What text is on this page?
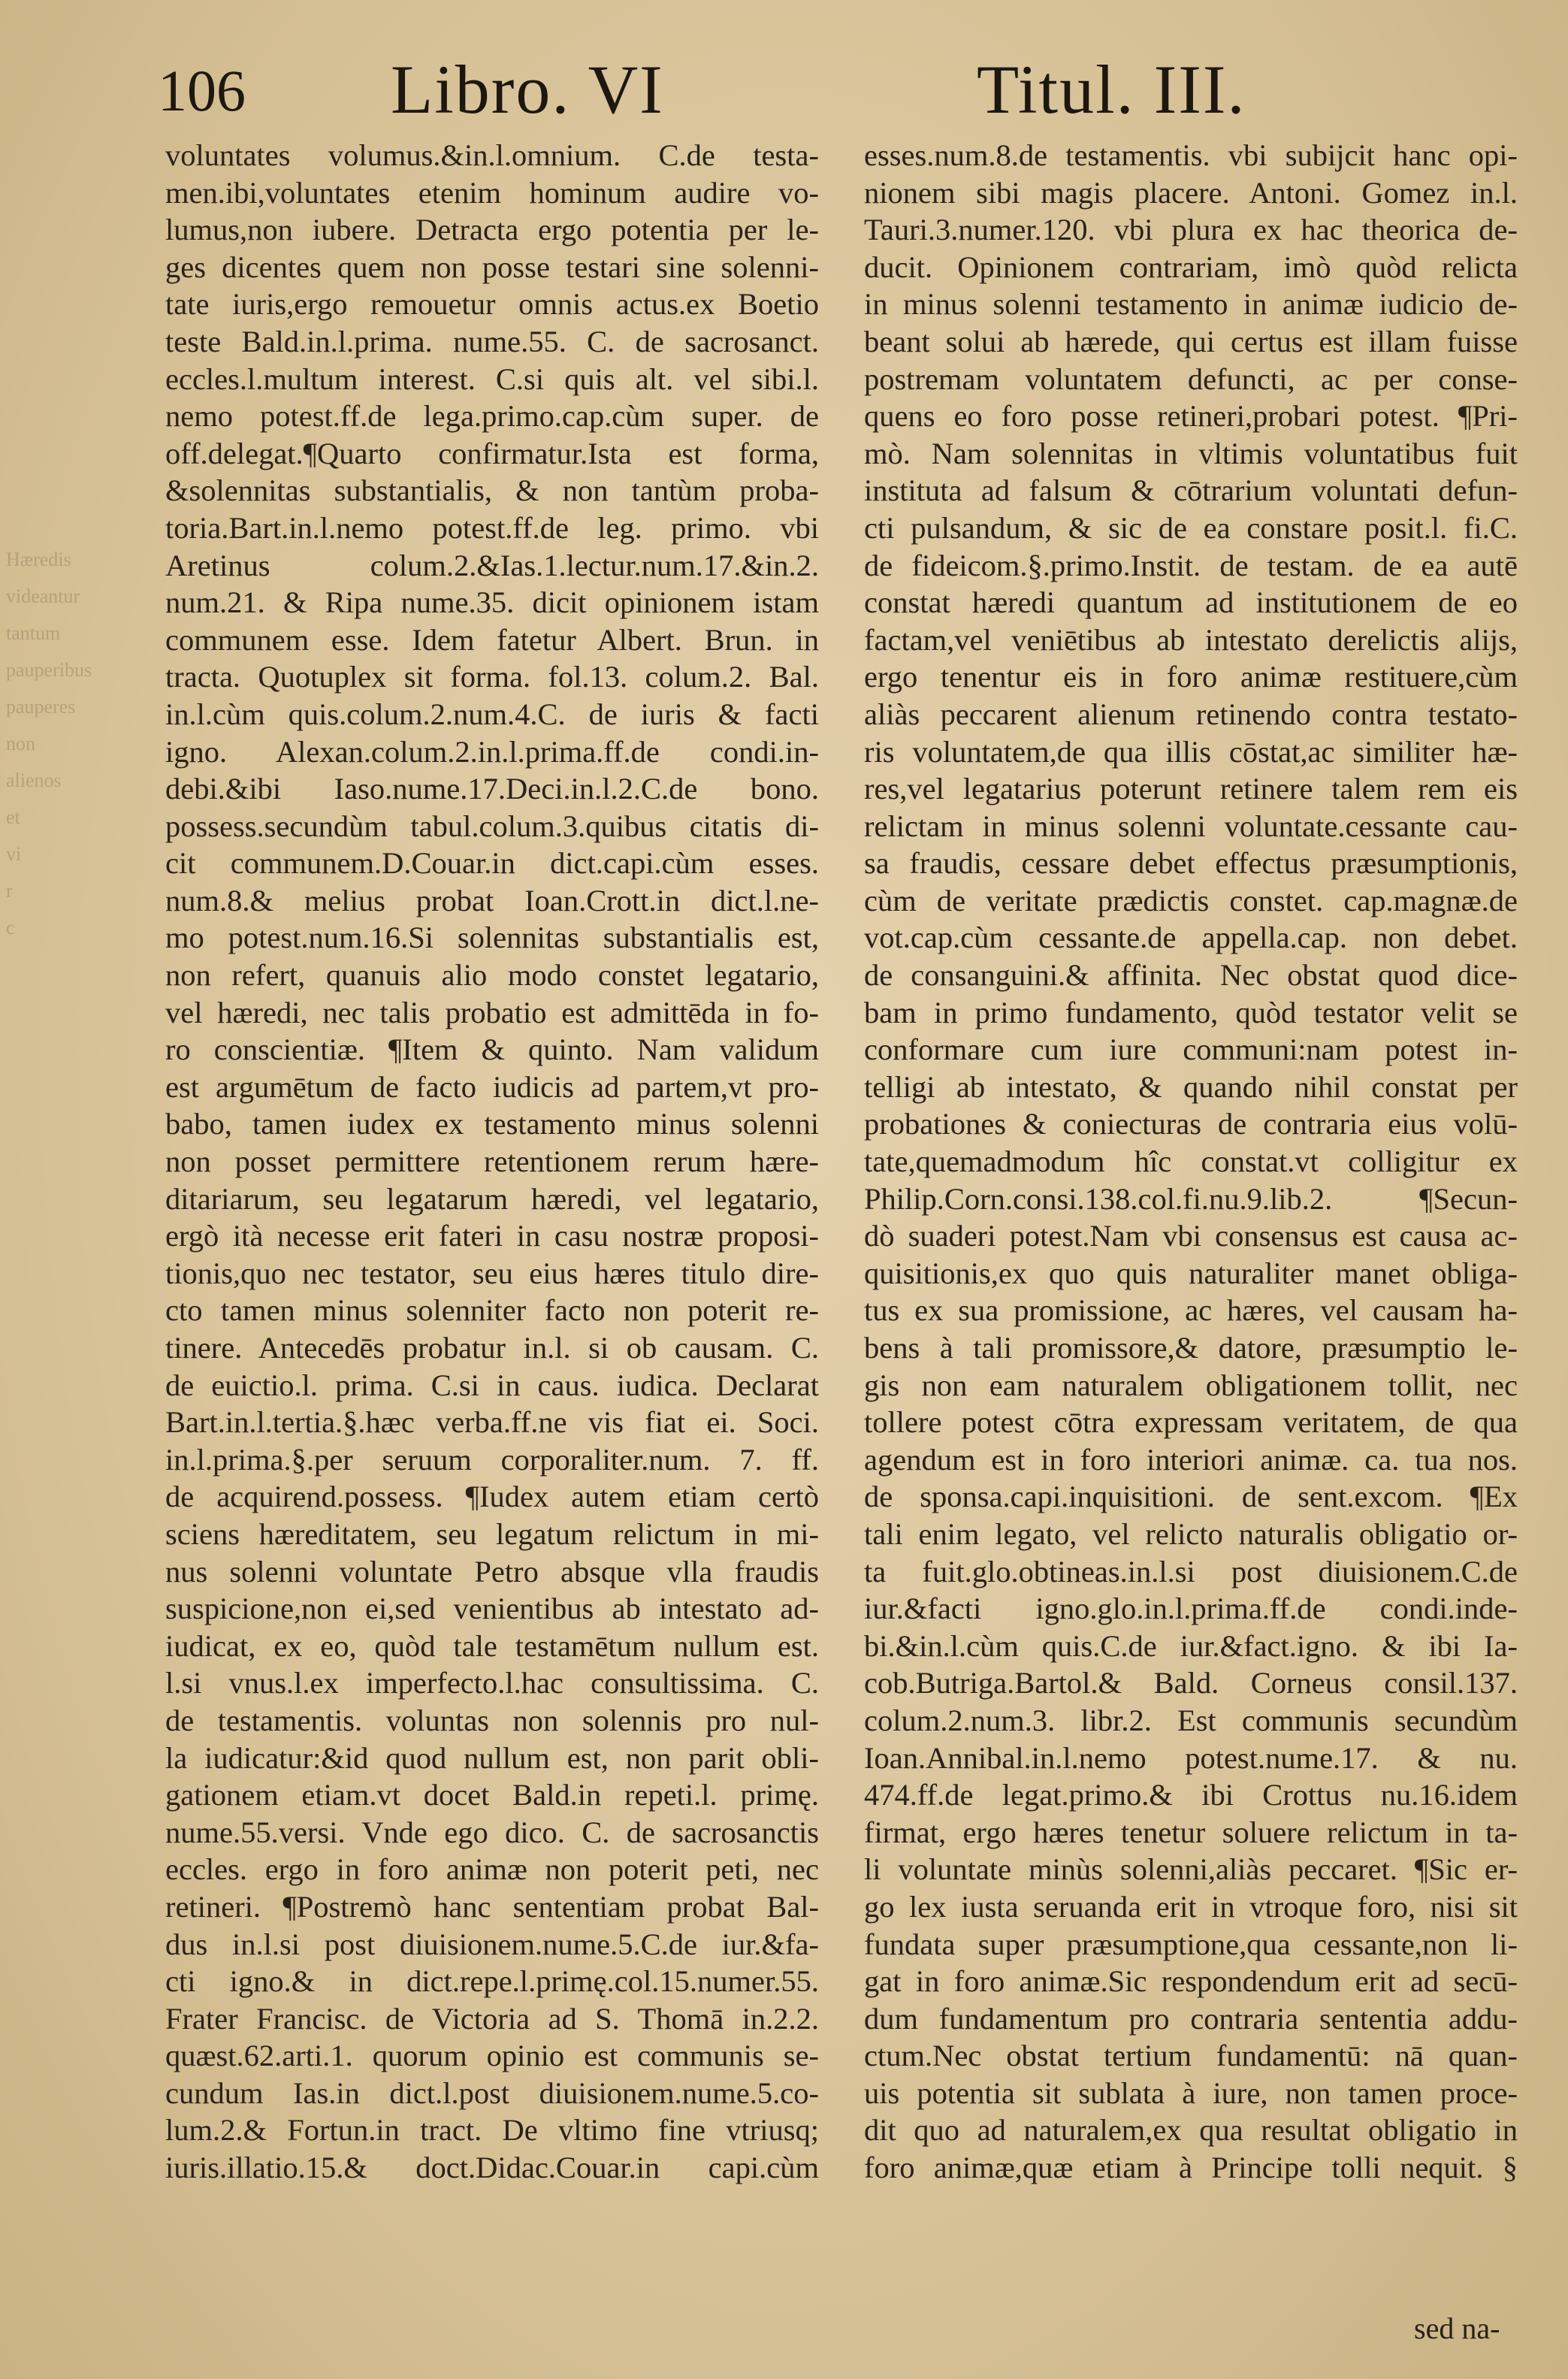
Hæredis
videantur
tantum
pauperibus
pauperes
non
alienos
et
vi
r
c
106 Libro. VI	Titul. III.
voluntates volumus.&in.l.omnium. C.de testa-
men.ibi,voluntates etenim hominum audire vo-
lumus,non iubere. Detracta ergo potentia per le-
ges dicentes quem non posse testari sine solenni-
tate iuris,ergo remouetur omnis actus.ex Boetio
teste Bald.in.l.prima. nume.55. C. de sacrosanct.
eccles.l.multum interest. C.si quis alt. vel sibi.l.
nemo potest.ff.de lega.primo.cap.cùm super. de
off.delegat.¶Quarto confirmatur.Ista est forma,
&solennitas substantialis, & non tantùm proba-
toria.Bart.in.l.nemo potest.ff.de leg. primo. vbi
Aretinus colum.2.&Ias.1.lectur.num.17.&in.2.
num.21. & Ripa nume.35. dicit opinionem istam
communem esse. Idem fatetur Albert. Brun. in
tracta. Quotuplex sit forma. fol.13. colum.2. Bal.
in.l.cùm quis.colum.2.num.4.C. de iuris & facti
igno. Alexan.colum.2.in.l.prima.ff.de condi.in-
debi.&ibi Iaso.nume.17.Deci.in.l.2.C.de bono.
possess.secundùm tabul.colum.3.quibus citatis di-
cit communem.D.Couar.in dict.capi.cùm esses.
num.8.& melius probat Ioan.Crott.in dict.l.ne-
mo potest.num.16.Si solennitas substantialis est,
non refert, quanuis alio modo constet legatario,
vel hæredi, nec talis probatio est admittēda in fo-
ro conscientiæ. ¶Item & quinto. Nam validum
est argumētum de facto iudicis ad partem,vt pro-
babo, tamen iudex ex testamento minus solenni
non posset permittere retentionem rerum hære-
ditariarum, seu legatarum hæredi, vel legatario,
ergò ità necesse erit fateri in casu nostræ proposi-
tionis,quo nec testator, seu eius hæres titulo dire-
cto tamen minus solenniter facto non poterit re-
tinere. Antecedēs probatur in.l. si ob causam. C.
de euictio.l. prima. C.si in caus. iudica. Declarat
Bart.in.l.tertia.§.hæc verba.ff.ne vis fiat ei. Soci.
in.l.prima.§.per seruum corporaliter.num. 7. ff.
de acquirend.possess. ¶Iudex autem etiam certò
sciens hæreditatem, seu legatum relictum in mi-
nus solenni voluntate Petro absque vlla fraudis
suspicione,non ei,sed venientibus ab intestato ad-
iudicat, ex eo, quòd tale testamētum nullum est.
l.si vnus.l.ex imperfecto.l.hac consultissima. C.
de testamentis. voluntas non solennis pro nul-
la iudicatur:&id quod nullum est, non parit obli-
gationem etiam.vt docet Bald.in repeti.l. primę.
nume.55.versi. Vnde ego dico. C. de sacrosanctis
eccles. ergo in foro animæ non poterit peti, nec
retineri. ¶Postremò hanc sententiam probat Bal-
dus in.l.si post diuisionem.nume.5.C.de iur.&fa-
cti igno.& in dict.repe.l.primę.col.15.numer.55.
Frater Francisc. de Victoria ad S. Thomā in.2.2.
quæst.62.arti.1. quorum opinio est communis se-
cundum Ias.in dict.l.post diuisionem.nume.5.co-
lum.2.& Fortun.in tract. De vltimo fine vtriusq;
iuris.illatio.15.& doct.Didac.Couar.in capi.cùm
esses.num.8.de testamentis. vbi subijcit hanc opi-
nionem sibi magis placere. Antoni. Gomez in.l.
Tauri.3.numer.120. vbi plura ex hac theorica de-
ducit. Opinionem contrariam, imò quòd relicta
in minus solenni testamento in animæ iudicio de-
beant solui ab hærede, qui certus est illam fuisse
postremam voluntatem defuncti, ac per conse-
quens eo foro posse retineri,probari potest. ¶Pri-
mò. Nam solennitas in vltimis voluntatibus fuit
instituta ad falsum & cōtrarium voluntati defun-
cti pulsandum, & sic de ea constare posit.l. fi.C.
de fideicom.§.primo.Instit. de testam. de ea autē
constat hæredi quantum ad institutionem de eo
factam,vel veniētibus ab intestato derelictis alijs,
ergo tenentur eis in foro animæ restituere,cùm
aliàs peccarent alienum retinendo contra testato-
ris voluntatem,de qua illis cōstat,ac similiter hæ-
res,vel legatarius poterunt retinere talem rem eis
relictam in minus solenni voluntate.cessante cau-
sa fraudis, cessare debet effectus præsumptionis,
cùm de veritate prædictis constet. cap.magnæ.de
vot.cap.cùm cessante.de appella.cap. non debet.
de consanguini.& affinita. Nec obstat quod dice-
bam in primo fundamento, quòd testator velit se
conformare cum iure communi:nam potest in-
telligi ab intestato, & quando nihil constat per
probationes & coniecturas de contraria eius volū-
tate,quemadmodum hîc constat.vt colligitur ex
Philip.Corn.consi.138.col.fi.nu.9.lib.2. ¶Secun-
dò suaderi potest.Nam vbi consensus est causa ac-
quisitionis,ex quo quis naturaliter manet obliga-
tus ex sua promissione, ac hæres, vel causam ha-
bens à tali promissore,& datore, præsumptio le-
gis non eam naturalem obligationem tollit, nec
tollere potest cōtra expressam veritatem, de qua
agendum est in foro interiori animæ. ca. tua nos.
de sponsa.capi.inquisitioni. de sent.excom. ¶Ex
tali enim legato, vel relicto naturalis obligatio or-
ta fuit.glo.obtineas.in.l.si post diuisionem.C.de
iur.&facti igno.glo.in.l.prima.ff.de condi.inde-
bi.&in.l.cùm quis.C.de iur.&fact.igno. & ibi Ia-
cob.Butriga.Bartol.& Bald. Corneus consil.137.
colum.2.num.3. libr.2. Est communis secundùm
Ioan.Annibal.in.l.nemo potest.nume.17. & nu.
474.ff.de legat.primo.& ibi Crottus nu.16.idem
firmat, ergo hæres tenetur soluere relictum in ta-
li voluntate minùs solenni,aliàs peccaret. ¶Sic er-
go lex iusta seruanda erit in vtroque foro, nisi sit
fundata super præsumptione,qua cessante,non li-
gat in foro animæ.Sic respondendum erit ad secū-
dum fundamentum pro contraria sententia addu-
ctum.Nec obstat tertium fundamentū: nā quan-
uis potentia sit sublata à iure, non tamen proce-
dit quo ad naturalem,ex qua resultat obligatio in
foro animæ,quæ etiam à Principe tolli nequit. §
sed na-
